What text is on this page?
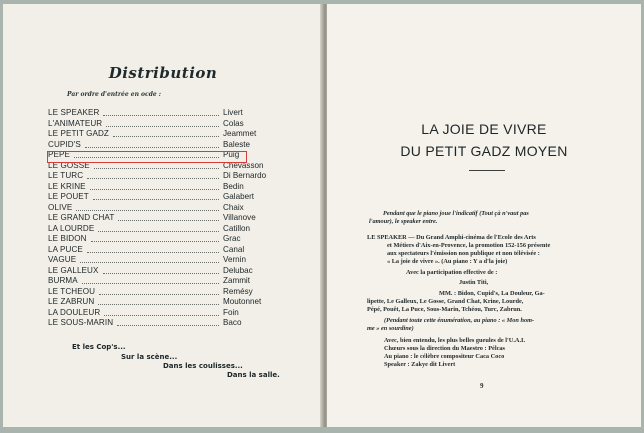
Distribution
Par ordre d'entrée en ocde :
LE SPEAKER	Livert
L'ANIMATEUR	Colas
LE PETIT GADZ	Jeammet
CUPID'S	Baleste
PEPE	Puig
LE GOSSE	Chevasson
LE TURC	Di Bernardo
LE KRINE	Bedin
LE POUET	Galabert
OLIVE	Chaix
LE GRAND CHAT	Villanove
LA LOURDE	Catillon
LE BIDON	Grac
LA PUCE	Canal
VAGUE	Vernin
LE GALLEUX	Delubac
BURMA	Zammit
LE TCHEOU	Remésy
LE ZABRUN	Moutonnet
LA DOULEUR	Foin
LE SOUS-MARIN	Baco
Et les Cop's...
Sur la scène...
Dans les coulisses...
Dans la salle.
LA JOIE DE VIVRE
DU PETIT GADZ MOYEN
Pendant que le piano joue l'indicatif (Tout çà n'vaut pas
l'amour), le speaker entre.
LE SPEAKER — Du Grand Amphi-cinéma de l'Ecole des Arts
et Métiers d'Aix-en-Provence, la promotion 152-156 présente
aux spectateurs l'émission non publique et non télévisée :
« La joie de vivre ». (Au piano : Y a d'la joie)
Avec la participation effective de :
Justin Titi,
MM. : Bidon, Cupid's, La Douleur, Ga-
lipette, Le Galleux, Le Gosse, Grand Chat, Krine, Lourde,
Pépé, Pouêt, La Puce, Sous-Marin, Tchéou, Turc, Zabrun.
(Pendant toute cette énumération, au piano : « Mon hom-
me » en sourdine)
Avec, bien entendu, les plus belles gueules de l'U.A.I.
Chœurs sous la direction du Maestro : Pélcas
Au piano : le célèbre compositeur Caca Coco
Speaker : Zakye dit Livert
9
